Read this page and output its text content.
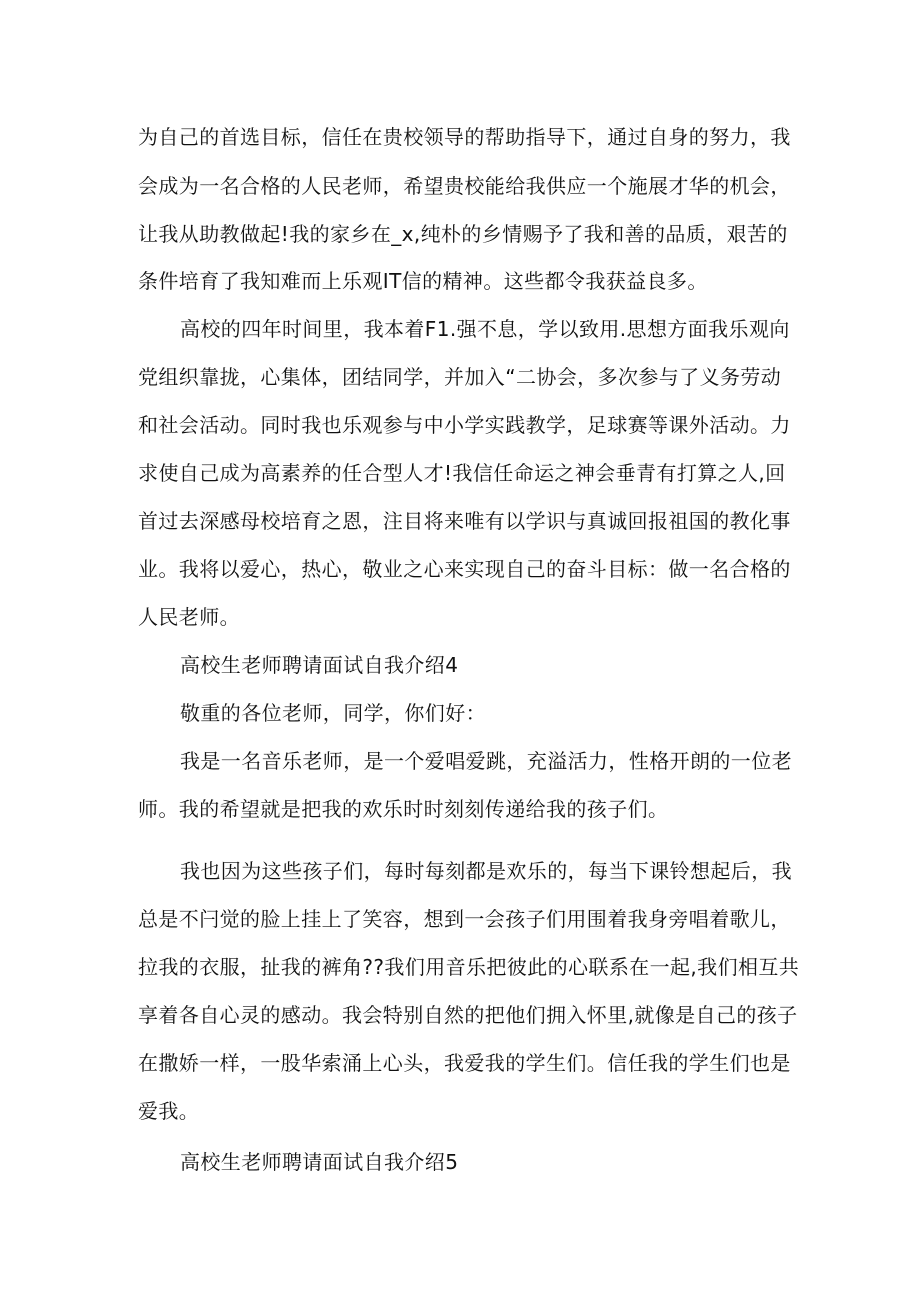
为自己的首选目标，信任在贵校领导的帮助指导下，通过自身的努力，我
会成为一名合格的人民老师，希望贵校能给我供应一个施展才华的机会，
让我从助教做起!我的家乡在_x,纯朴的乡情赐予了我和善的品质，艰苦的
条件培育了我知难而上乐观IT信的精神。这些都令我获益良多。
高校的四年时间里，我本着F1.强不息，学以致用.思想方面我乐观向
党组织靠拢，心集体，团结同学，并加入“二协会，多次参与了义务劳动
和社会活动。同时我也乐观参与中小学实践教学，足球赛等课外活动。力
求使自己成为高素养的任合型人才!我信任命运之神会垂青有打算之人,回
首过去深感母校培育之恩，注目将来唯有以学识与真诚回报祖国的教化事
业。我将以爱心，热心，敬业之心来实现自己的奋斗目标：做一名合格的
人民老师。
高校生老师聘请面试自我介绍4
敬重的各位老师，同学，你们好：
我是一名音乐老师，是一个爱唱爱跳，充溢活力，性格开朗的一位老
师。我的希望就是把我的欢乐时时刻刻传递给我的孩子们。
我也因为这些孩子们，每时每刻都是欢乐的，每当下课铃想起后，我
总是不闩觉的脸上挂上了笑容，想到一会孩子们用围着我身旁唱着歌儿，
拉我的衣服，扯我的裤角??我们用音乐把彼此的心联系在一起,我们相互共
享着各自心灵的感动。我会特别自然的把他们拥入怀里,就像是自己的孩子
在撒娇一样，一股华索涌上心头，我爱我的学生们。信任我的学生们也是
爱我。
高校生老师聘请面试自我介绍5
